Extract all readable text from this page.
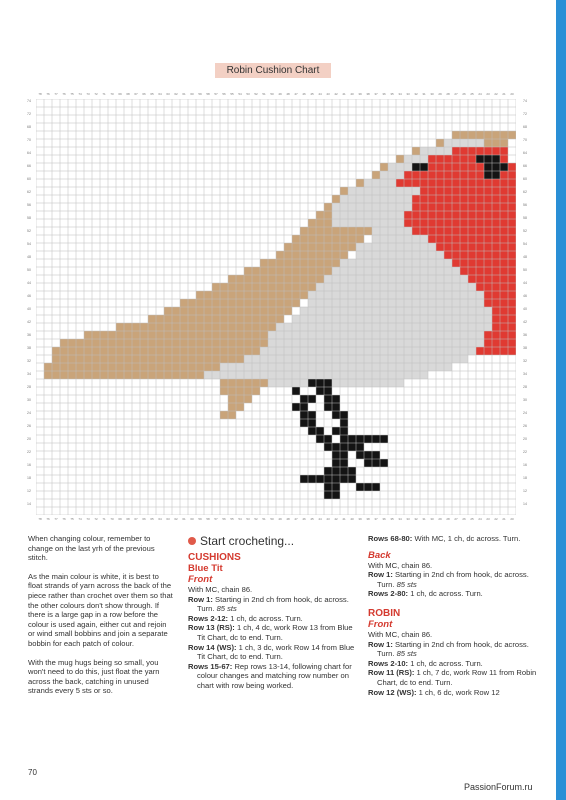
Robin Cushion Chart
78	76	77	76	75	74	73	72	71	70	69	68	67	66	65	64	63	62	61	60	59	58	57	56	55	54	53	52	51	50	49	48	47	46	45	44	43	42	41	40	39	38	37	36	35	34	33	32	31	30	29	28	27	26	25	24	23	22	21	20
78	76	77	76	75	74	73	72	71	70	69	68	67	66	65	64	63	62	61	60	59	58	57	56	55	54	53	52	51	50	49	48	47	46	45	44	43	42	41	40	39	38	37	36	35	34	33	32	31	30	29	28	27	26	25	24	23	22	21	20
74
72
68
70
64
66
60
62
56
58
52
54
48
50
44
46
40
42
36
38
32
34
28
30
24
26
20
22
16
18
12
14
74
72
68
70
64
66
60
62
56
58
52
54
48
50
44
46
40
42
36
38
32
34
28
30
24
26
20
22
16
18
12
14

When changing colour, remember to change on the last yrh of the previous stitch.

As the main colour is white, it is best to float strands of yarn across the back of the piece rather than crochet over them so that the other colours don't show through. If there is a large gap in a row before the colour is used again, either cut and rejoin or wind small bobbins and join a separate bobbin for each patch of colour.

With the mug hugs being so small, you won't need to do this, just float the yarn across the back, catching in unused strands every 5 sts or so.

Start crocheting...
CUSHIONS
Blue Tit
Front
With MC, chain 86.
Row 1: Starting in 2nd ch from hook, dc across. Turn. 85 sts
Rows 2-12: 1 ch, dc across. Turn.
Row 13 (RS): 1 ch, 4 dc, work Row 13 from Blue Tit Chart, dc to end. Turn.
Row 14 (WS): 1 ch, 3 dc, work Row 14 from Blue Tit Chart, dc to end. Turn.
Rows 15-67: Rep rows 13-14, following chart for colour changes and matching row number on chart with row being worked.
Rows 68-80: With MC, 1 ch, dc across. Turn.
Back
With MC, chain 86.
Row 1: Starting in 2nd ch from hook, dc across. Turn. 85 sts
Rows 2-80: 1 ch, dc across. Turn.
ROBIN
Front
With MC, chain 86.
Row 1: Starting in 2nd ch from hook, dc across. Turn. 85 sts
Rows 2-10: 1 ch, dc across. Turn.
Row 11 (RS): 1 ch, 7 dc, work Row 11 from Robin Chart, dc to end. Turn.
Row 12 (WS): 1 ch, 6 dc, work Row 12
70
PassionForum.ru
